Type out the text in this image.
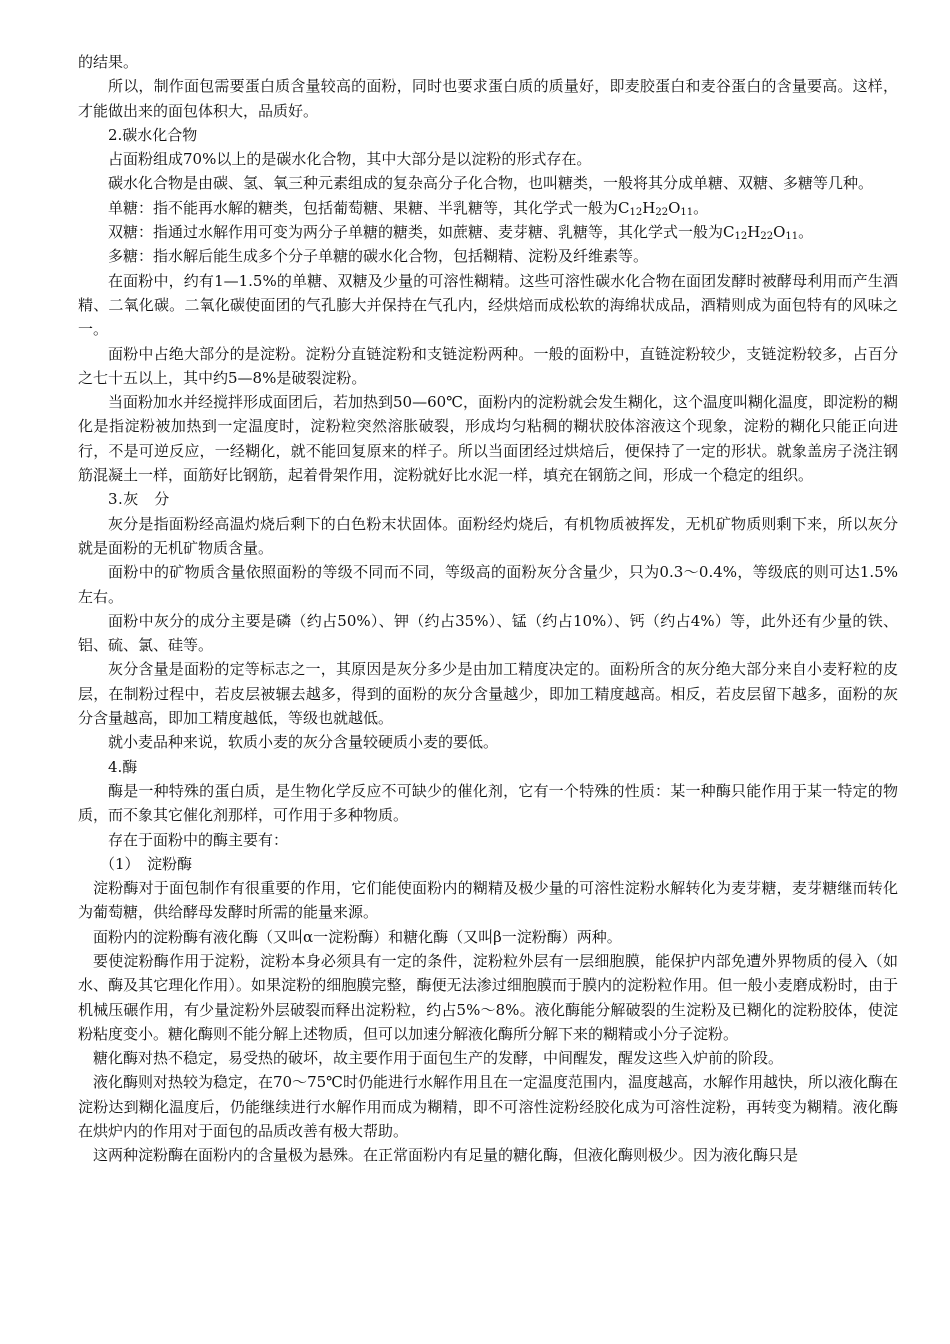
的结果。

所以，制作面包需要蛋白质含量较高的面粉，同时也要求蛋白质的质量好，即麦胶蛋白和麦谷蛋白的含量要高。这样，才能做出来的面包体积大，品质好。

2.碳水化合物

占面粉组成70%以上的是碳水化合物，其中大部分是以淀粉的形式存在。

碳水化合物是由碳、氢、氧三种元素组成的复杂高分子化合物，也叫糖类，一般将其分成单糖、双糖、多糖等几种。

单糖：指不能再水解的糖类，包括葡萄糖、果糖、半乳糖等，其化学式一般为$C_{12}H_{22}O_{11}$。

双糖：指通过水解作用可变为两分子单糖的糖类，如蔗糖、麦芽糖、乳糖等，其化学式一般为$C_{12}H_{22}O_{11}$。

多糖：指水解后能生成多个分子单糖的碳水化合物，包括糊精、淀粉及纤维素等。

在面粉中，约有1—1.5%的单糖、双糖及少量的可溶性糊精。这些可溶性碳水化合物在面团发酵时被酵母利用而产生酒精、二氧化碳。二氧化碳使面团的气孔膨大并保持在气孔内，经烘焙而成松软的海绵状成品，酒精则成为面包特有的风味之一。

面粉中占绝大部分的是淀粉。淀粉分直链淀粉和支链淀粉两种。一般的面粉中，直链淀粉较少，支链淀粉较多，占百分之七十五以上，其中约5—8%是破裂淀粉。

当面粉加水并经搅拌形成面团后，若加热到50—60℃，面粉内的淀粉就会发生糊化，这个温度叫糊化温度，即淀粉的糊化是指淀粉被加热到一定温度时，淀粉粒突然溶胀破裂，形成均匀粘稠的糊状胶体溶液这个现象，淀粉的糊化只能正向进行，不是可逆反应，一经糊化，就不能回复原来的样子。所以当面团经过烘焙后，便保持了一定的形状。就象盖房子浇注钢筋混凝土一样，面筋好比钢筋，起着骨架作用，淀粉就好比水泥一样，填充在钢筋之间，形成一个稳定的组织。

3.灰　分

灰分是指面粉经高温灼烧后剩下的白色粉末状固体。面粉经灼烧后，有机物质被挥发，无机矿物质则剩下来，所以灰分就是面粉的无机矿物质含量。

面粉中的矿物质含量依照面粉的等级不同而不同，等级高的面粉灰分含量少，只为0.3～0.4%，等级底的则可达1.5%左右。

面粉中灰分的成分主要是磷（约占50%）、钾（约占35%）、锰（约占10%）、钙（约占4%）等，此外还有少量的铁、铝、硫、氯、硅等。

灰分含量是面粉的定等标志之一，其原因是灰分多少是由加工精度决定的。面粉所含的灰分绝大部分来自小麦籽粒的皮层，在制粉过程中，若皮层被辗去越多，得到的面粉的灰分含量越少，即加工精度越高。相反，若皮层留下越多，面粉的灰分含量越高，即加工精度越低，等级也就越低。

就小麦品种来说，软质小麦的灰分含量较硬质小麦的要低。

4.酶

酶是一种特殊的蛋白质，是生物化学反应不可缺少的催化剂，它有一个特殊的性质：某一种酶只能作用于某一特定的物质，而不象其它催化剂那样，可作用于多种物质。

存在于面粉中的酶主要有：

（1）　淀粉酶

淀粉酶对于面包制作有很重要的作用，它们能使面粉内的糊精及极少量的可溶性淀粉水解转化为麦芽糖，麦芽糖继而转化为葡萄糖，供给酵母发酵时所需的能量来源。

面粉内的淀粉酶有液化酶（又叫α一淀粉酶）和糖化酶（又叫β一淀粉酶）两种。

要使淀粉酶作用于淀粉，淀粉本身必须具有一定的条件，淀粉粒外层有一层细胞膜，能保护内部免遭外界物质的侵入（如水、酶及其它理化作用）。如果淀粉的细胞膜完整，酶便无法渗过细胞膜而于膜内的淀粉粒作用。但一般小麦磨成粉时，由于机械压碾作用，有少量淀粉外层破裂而释出淀粉粒，约占5%～8%。液化酶能分解破裂的生淀粉及已糊化的淀粉胶体，使淀粉粘度变小。糖化酶则不能分解上述物质，但可以加速分解液化酶所分解下来的糊精或小分子淀粉。

糖化酶对热不稳定，易受热的破坏，故主要作用于面包生产的发酵，中间醒发，醒发这些入炉前的阶段。

液化酶则对热较为稳定，在70～75℃时仍能进行水解作用且在一定温度范围内，温度越高，水解作用越快，所以液化酶在淀粉达到糊化温度后，仍能继续进行水解作用而成为糊精，即不可溶性淀粉经胶化成为可溶性淀粉，再转变为糊精。液化酶在烘炉内的作用对于面包的品质改善有极大帮助。

这两种淀粉酶在面粉内的含量极为悬殊。在正常面粉内有足量的糖化酶，但液化酶则极少。因为液化酶只是
